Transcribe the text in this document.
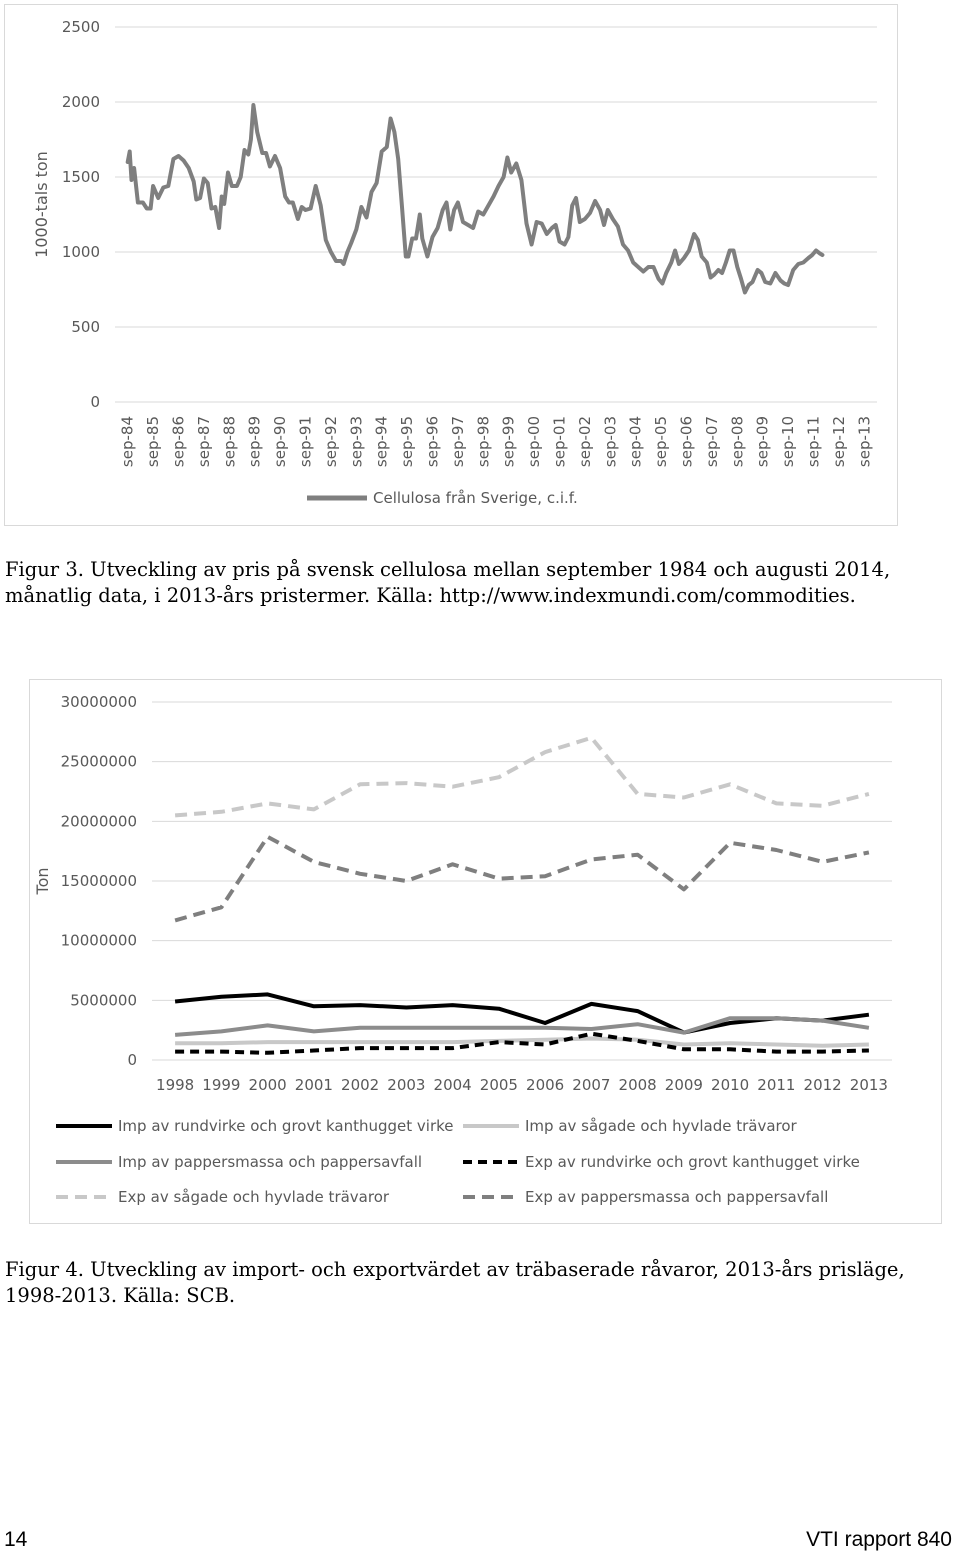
2500
2000
1500
1000
500
0
sep-84 sep-85 sep-86 sep-87 sep-88 sep-89 sep-90 sep-91 sep-92 sep-93 sep-94 sep-95 sep-96 sep-97 sep-98 sep-99 sep-00 sep-01 sep-02 sep-03 sep-04 sep-05 sep-06 sep-07 sep-08 sep-09 sep-10 sep-11 sep-12 sep-13
1000-tals ton
Cellulosa från Sverige, c.i.f.

Figur 3. Utveckling av pris på svensk cellulosa mellan september 1984 och augusti 2014,
månatlig data, i 2013-års pristermer. Källa: http://www.indexmundi.com/commodities.

30000000
25000000
20000000
15000000
10000000
5000000
0
1998 1999 2000 2001 2002 2003 2004 2005 2006 2007 2008 2009 2010 2011 2012 2013
Ton
Imp av rundvirke och grovt kanthugget virke	Imp av sågade och hyvlade trävaror
Imp av pappersmassa och pappersavfall	Exp av rundvirke och grovt kanthugget virke
Exp av sågade och hyvlade trävaror	Exp av pappersmassa och pappersavfall

Figur 4. Utveckling av import- och exportvärdet av träbaserade råvaror, 2013-års prisläge,
1998-2013. Källa: SCB.

14	VTI rapport 840
